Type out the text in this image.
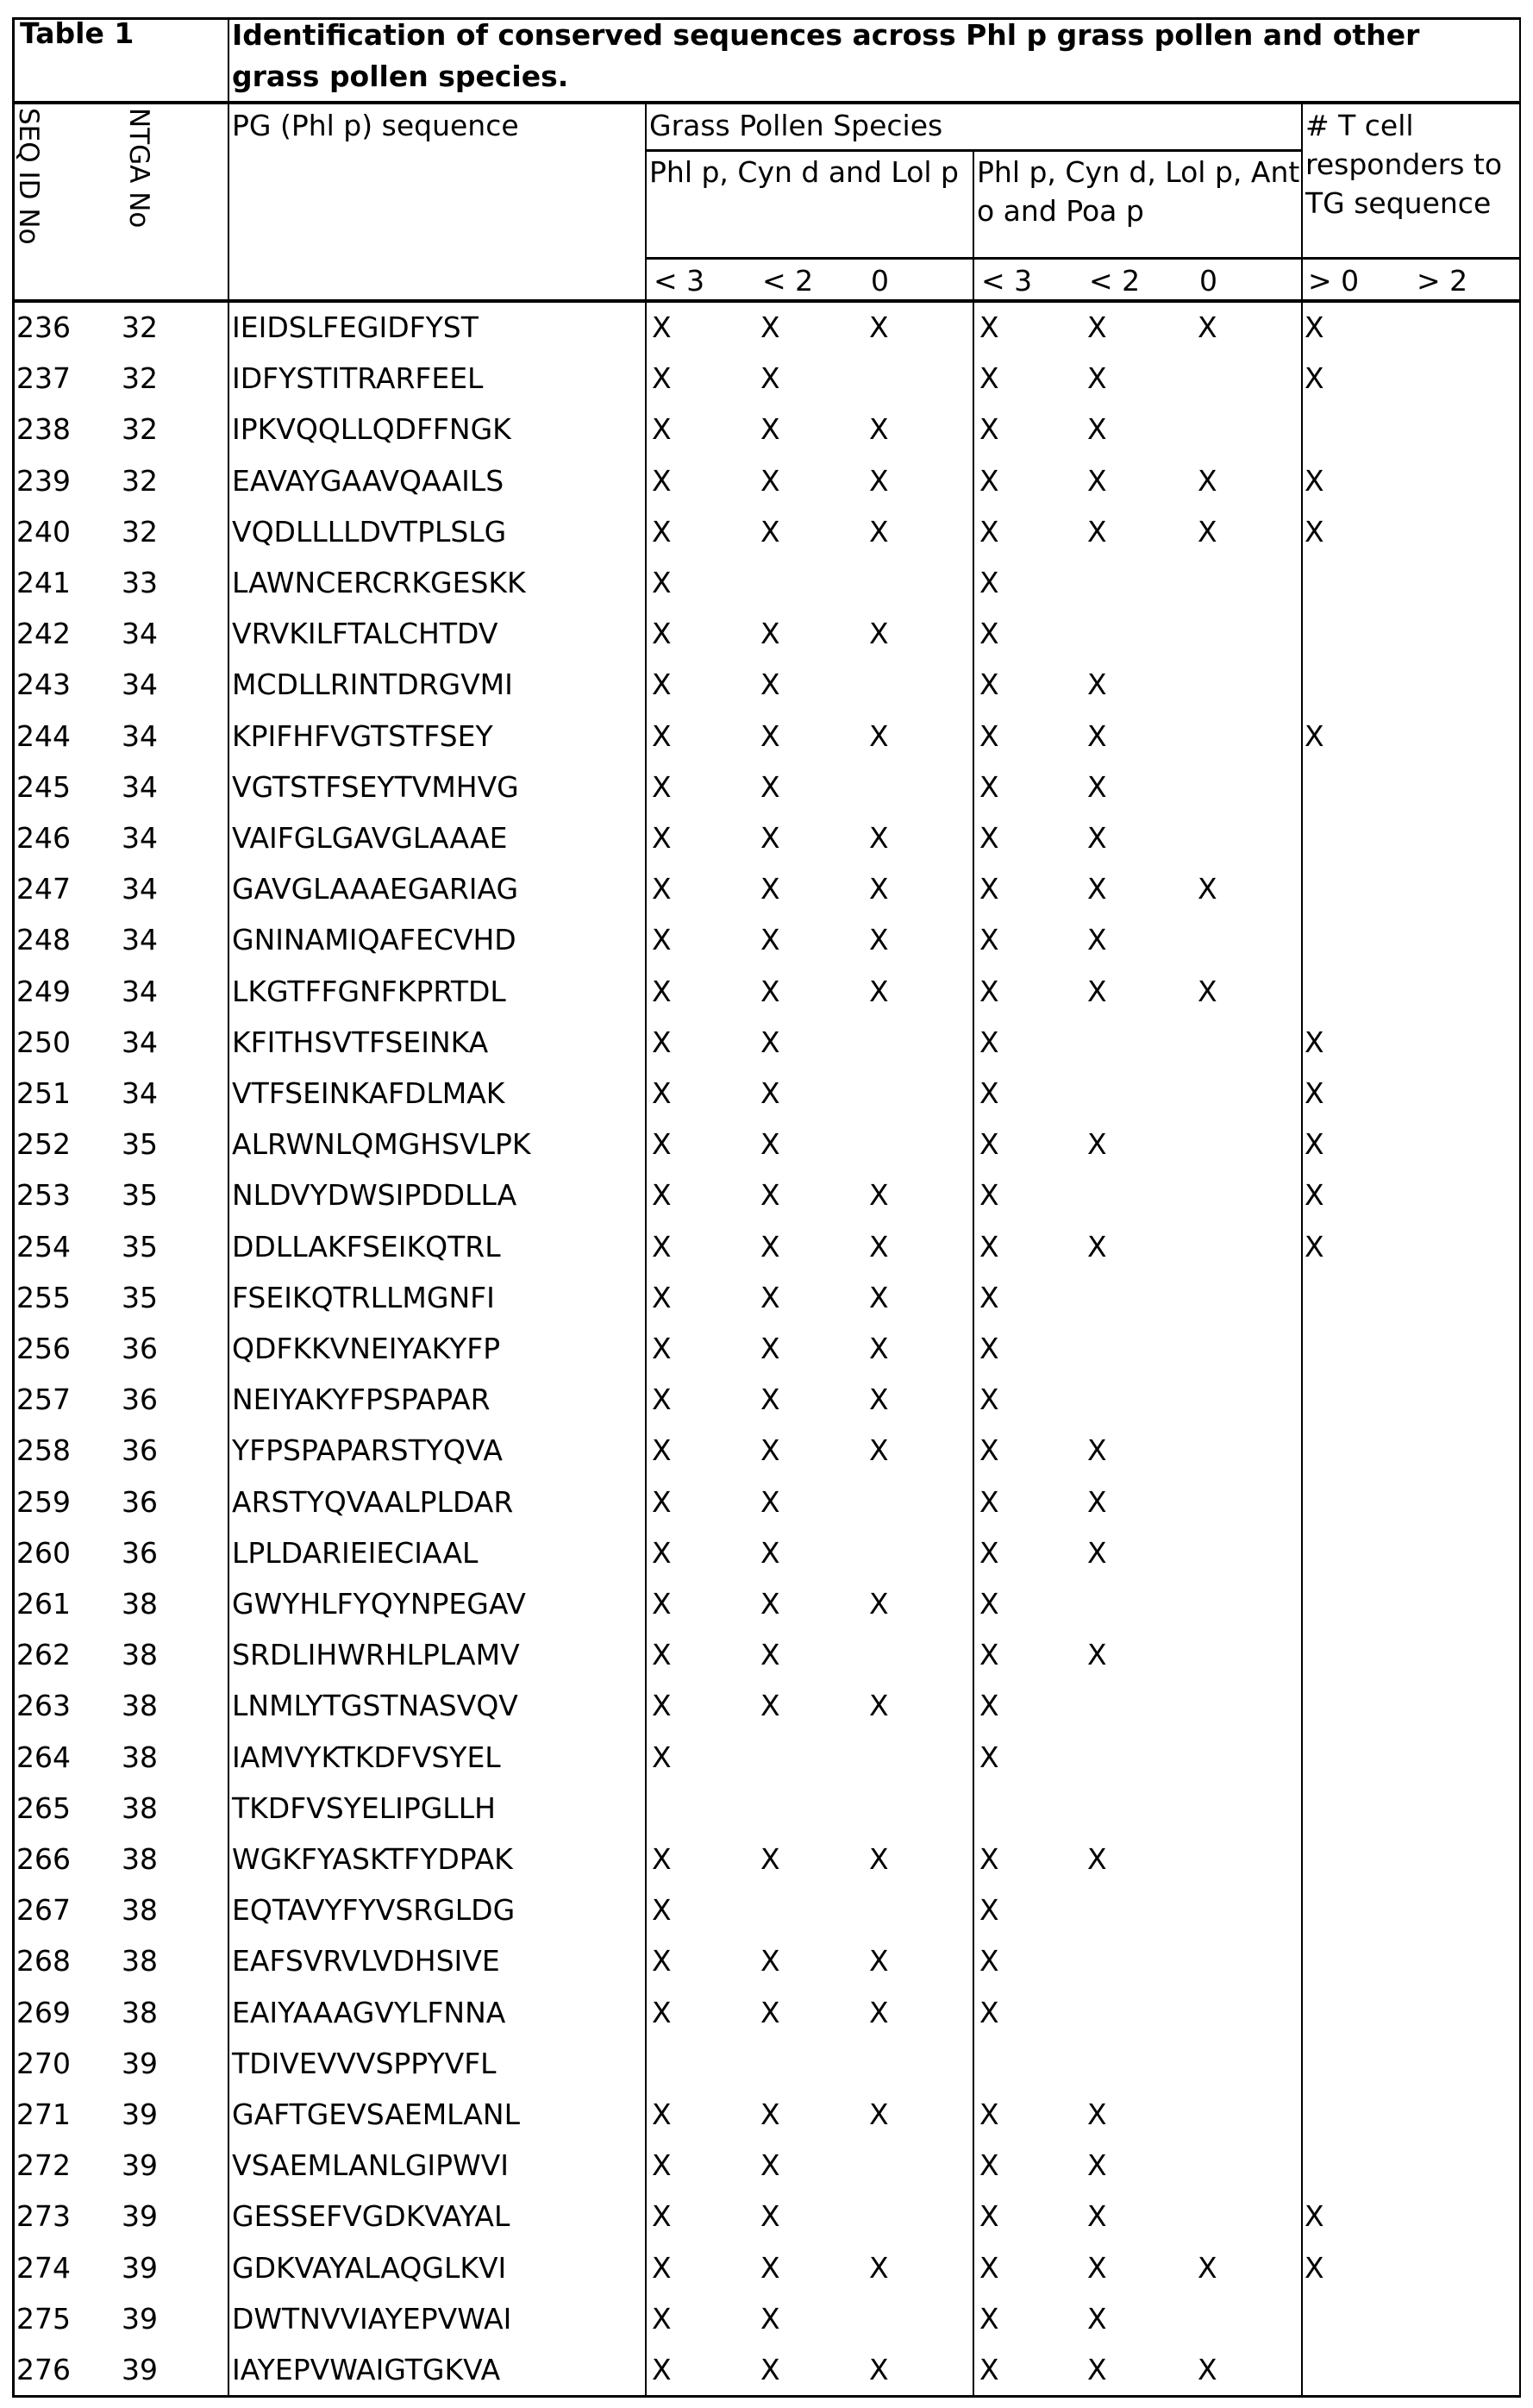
Table 1	Identification of conserved sequences across Phl p grass pollen and other grass pollen species.
SEQ ID No	NTGA No	PG (Phl p) sequence	Grass Pollen Species
Phl p, Cyn d and Lol p Phl p, Cyn d, Lol p, Ant o and Poa p
# T cell responders to TG sequence
< 3 < 2 0	< 3 < 2 0	> 0 > 2
236 32	IEIDSLFEGIDFYST	X	X	X	X	X	X	X
237 32	IDFYSTITRARFEEL	X	X	X	X	X
238 32	IPKVQQLLQDFFNGK	X	X	X	X	X
239 32	EAVAYGAAVQAAILS	X	X	X	X	X	X	X
240 32	VQDLLLLDVTPLSLG	X	X	X	X	X	X	X
241 33	LAWNCERCRKGESKK	X	X
242 34	VRVKILFTALCHTDV	X	X	X	X
243 34	MCDLLRINTDRGVMI	X	X	X	X
244 34	KPIFHFVGTSTFSEY	X	X	X	X	X	X
245 34	VGTSTFSEYTVMHVG	X	X	X	X
246 34	VAIFGLGAVGLAAAE	X	X	X	X	X
247 34	GAVGLAAAEGARIAG	X	X	X	X	X	X
248 34	GNINAMIQAFECVHD	X	X	X	X	X
249 34	LKGTFFGNFKPRTDL	X	X	X	X	X	X
250 34	KFITHSVTFSEINKA	X	X	X	X
251 34	VTFSEINKAFDLMAK	X	X	X	X
252 35	ALRWNLQMGHSVLPK	X	X	X	X	X
253 35	NLDVYDWSIPDDLLA	X	X	X	X	X
254 35	DDLLAKFSEIKQTRL	X	X	X	X	X	X
255 35	FSEIKQTRLLMGNFI	X	X	X	X
256 36	QDFKKVNEIYAKYFP	X	X	X	X
257 36	NEIYAKYFPSPAPAR	X	X	X	X
258 36	YFPSPAPARSTYQVA	X	X	X	X	X
259 36	ARSTYQVAALPLDAR	X	X	X	X
260 36	LPLDARIEIECIAAL	X	X	X	X
261 38	GWYHLFYQYNPEGAV	X	X	X	X
262 38	SRDLIHWRHLPLAMV	X	X	X	X
263 38	LNMLYTGSTNASVQV	X	X	X	X
264 38	IAMVYKTKDFVSYEL	X	X
265 38	TKDFVSYELIPGLLH
266 38	WGKFYASKTFYDPAK	X	X	X	X	X
267 38	EQTAVYFYVSRGLDG	X	X
268 38	EAFSVRVLVDHSIVE	X	X	X	X
269 38	EAIYAAAGVYLFNNA	X	X	X	X
270 39	TDIVEVVVSPPYVFL
271 39	GAFTGEVSAEMLANL	X	X	X	X	X
272 39	VSAEMLANLGIPWVI	X	X	X	X
273 39	GESSEFVGDKVAYAL	X	X	X	X	X
274 39	GDKVAYALAQGLKVI	X	X	X	X	X	X	X
275 39	DWTNVVIAYEPVWAI	X	X	X	X
276 39	IAYEPVWAIGTGKVA	X	X	X	X	X	X
